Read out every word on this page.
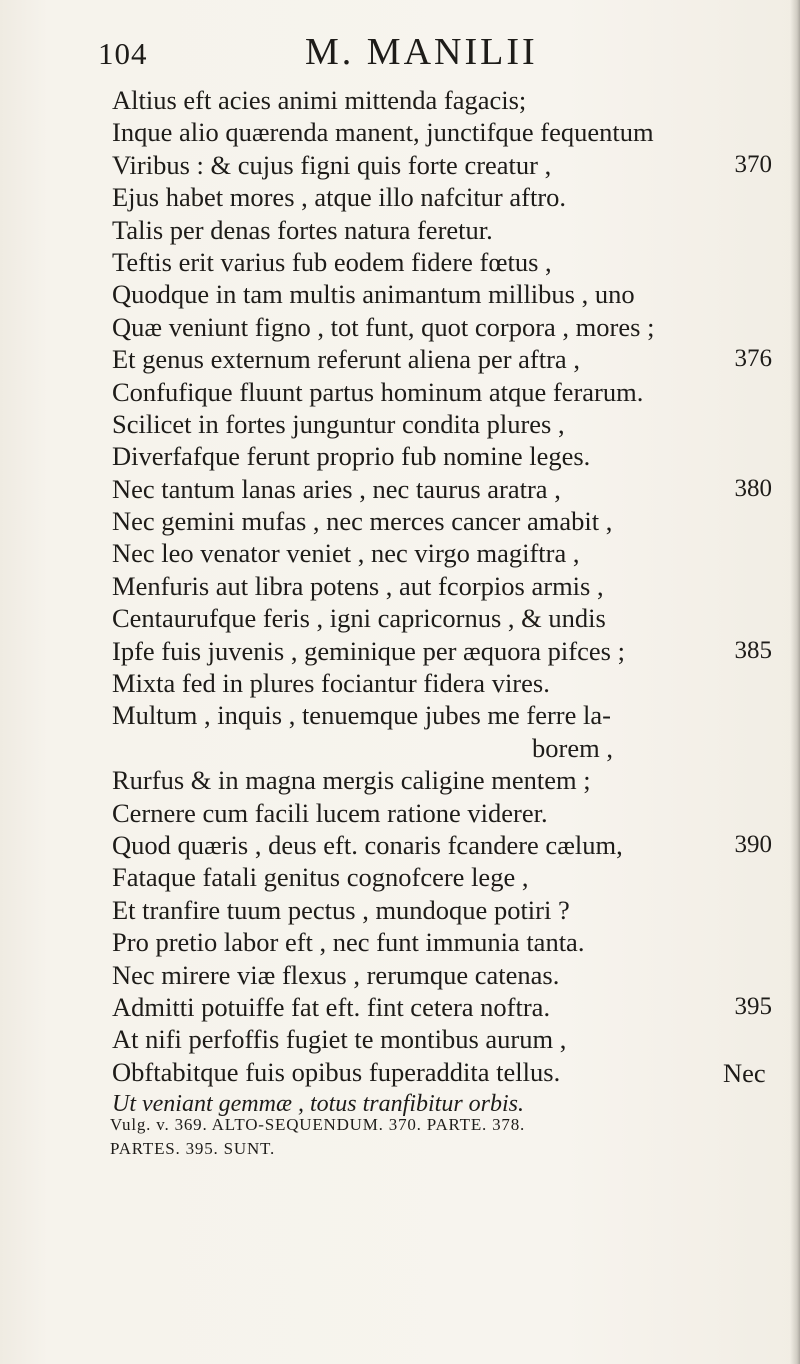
104	M. MANILII
Altius eft acies animi mittenda fagacis;
Inque alio quærenda manent, junctifque fequentum
Viribus : & cujus figni quis forte creatur ,	370
Ejus habet mores , atque illo nafcitur aftro.
Talis per denas fortes natura feretur.
Teftis erit varius fub eodem fidere fœtus ,
Quodque in tam multis animantum millibus , uno
Quæ veniunt figno , tot funt, quot corpora , mores ;
Et genus externum referunt aliena per aftra ,	376
Confufique fluunt partus hominum atque ferarum.
Scilicet in fortes junguntur condita plures ,
Diverfafque ferunt proprio fub nomine leges.
Nec tantum lanas aries , nec taurus aratra ,	380
Nec gemini mufas , nec merces cancer amabit ,
Nec leo venator veniet , nec virgo magiftra ,
Menfuris aut libra potens , aut fcorpios armis ,
Centaurufque feris , igni capricornus , & undis
Ipfe fuis juvenis , geminique per æquora pifces ;	385
Mixta fed in plures fociantur fidera vires.
Multum , inquis , tenuemque jubes me ferre la-
borem ,
Rurfus & in magna mergis caligine mentem ;
Cernere cum facili lucem ratione viderer.
Quod quæris , deus eft. conaris fcandere cælum,	390
Fataque fatali genitus cognofcere lege ,
Et tranfire tuum pectus , mundoque potiri ?
Pro pretio labor eft , nec funt immunia tanta.
Nec mirere viæ flexus , rerumque catenas.
Admitti potuiffe fat eft. fint cetera noftra.	395
At nifi perfoffis fugiet te montibus aurum ,
Obftabitque fuis opibus fuperaddita tellus.
Ut veniant gemmæ , totus tranfibitur orbis.
Nec
Vulg. v. 369. ALTO-SEQUENDUM. 370. PARTE. 378.
PARTES. 395. SUNT.
